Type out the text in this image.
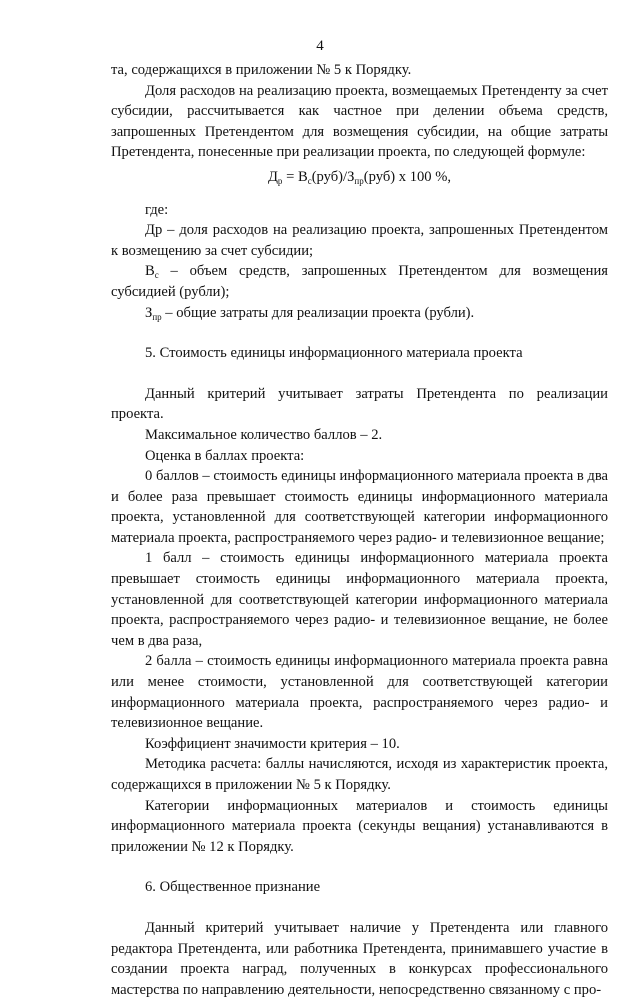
4

та, содержащихся в приложении № 5 к Порядку.

Доля расходов на реализацию проекта, возмещаемых Претенденту за счет субсидии, рассчитывается как частное при делении объема средств, запрошенных Претендентом для возмещения субсидии, на общие затраты Претендента, понесенные при реализации проекта, по следующей формуле:

$Д_р = В_с(руб)/З_{пр}(руб)$ х 100 %,

где:

Др – доля расходов на реализацию проекта, запрошенных Претендентом к возмещению за счет субсидии;

$В_с$ – объем средств, запрошенных Претендентом для возмещения субсидией (рубли);

$З_{пр}$ – общие затраты для реализации проекта (рубли).

5. Стоимость единицы информационного материала проекта

Данный критерий учитывает затраты Претендента по реализации проекта.

Максимальное количество баллов – 2.

Оценка в баллах проекта:

0 баллов – стоимость единицы информационного материала проекта в два и более раза превышает стоимость единицы информационного материала проекта, установленной для соответствующей категории информационного материала проекта, распространяемого через радио- и телевизионное вещание;

1 балл – стоимость единицы информационного материала проекта превышает стоимость единицы информационного материала проекта, установленной для соответствующей категории информационного материала проекта, распространяемого через радио- и телевизионное вещание, не более чем в два раза,

2 балла – стоимость единицы информационного материала проекта равна или менее стоимости, установленной для соответствующей категории информационного материала проекта, распространяемого через радио- и телевизионное вещание.

Коэффициент значимости критерия – 10.

Методика расчета: баллы начисляются, исходя из характеристик проекта, содержащихся в приложении № 5 к Порядку.

Категории информационных материалов и стоимость единицы информационного материала проекта (секунды вещания) устанавливаются в приложении № 12 к Порядку.

6. Общественное признание

Данный критерий учитывает наличие у Претендента или главного редактора Претендента, или работника Претендента, принимавшего участие в создании проекта наград, полученных в конкурсах профессионального мастерства по направлению деятельности, непосредственно связанному с про-
